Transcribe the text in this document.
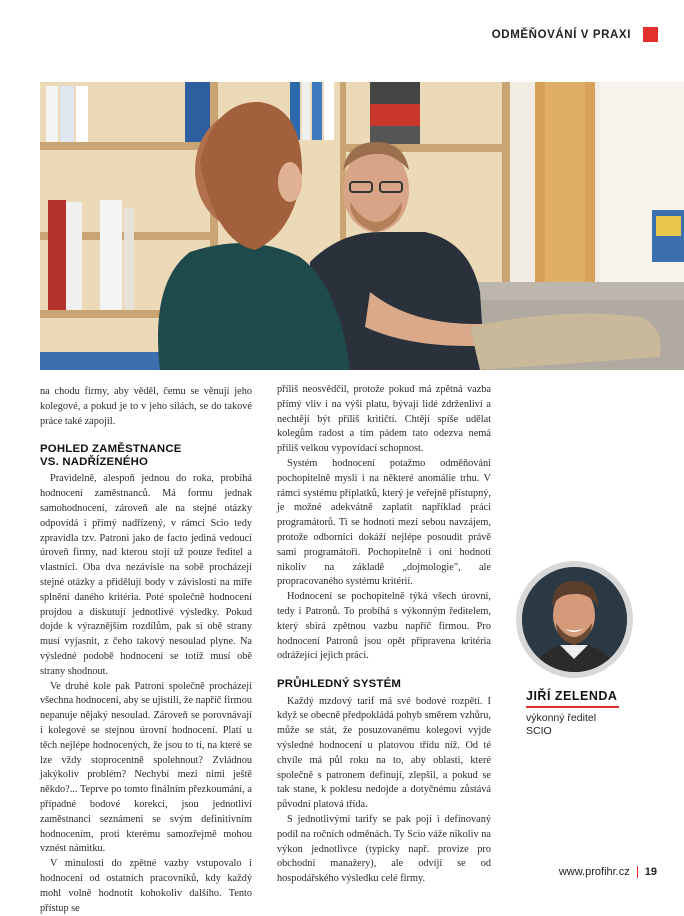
ODMĚŇOVÁNÍ V PRAXI

na chodu firmy, aby věděl, čemu se věnují jeho kolegové, a pokud je to v jeho silách, se do takové práce také zapojil.

POHLED ZAMĚSTNANCE
VS. NADŘÍZENÉHO

Pravidelně, alespoň jednou do roka, probíhá hodnocení zaměstnanců. Má formu jednak samohodnocení, zároveň ale na stejné otázky odpovídá i přímý nadřízený, v rámci Scio tedy zpravidla tzv. Patroni jako de facto jediná vedoucí úroveň firmy, nad kterou stojí už pouze ředitel a vlastníci. Oba dva nezávisle na sobě procházejí stejné otázky a přidělují body v závislosti na míře splnění daného kritéria. Poté společně hodnocení projdou a diskutují jednotlivé výsledky. Pokud dojde k výraznějším rozdílům, pak si obě strany musí vyjasnit, z čeho takový nesoulad plyne. Na výsledné podobě hodnocení se totiž musí obě strany shodnout.

Ve druhé kole pak Patroni společně procházejí všechna hodnocení, aby se ujistili, že napříč firmou nepanuje nějaký nesoulad. Zároveň se porovnávají i kolegové se stejnou úrovní hodnocení. Platí u těch nejlépe hodnocených, že jsou to ti, na které se lze vždy stoprocentně spolehnout? Zvládnou jakýkoliv problém? Nechybí mezi nimi ještě někdo?... Teprve po tomto finálním přezkoumání, a případné bodové korekci, jsou jednotliví zaměstnanci seznámeni se svým definitivním hodnocením, proti kterému samozřejmě mohou vznést námitku.

V minulosti do zpětné vazby vstupovalo i hodnocení od ostatních pracovníků, kdy každý mohl volně hodnotit kohokoliv dalšího. Tento přístup se

příliš neosvědčil, protože pokud má zpětná vazba přímý vliv i na výši platu, bývají lidé zdrženliví a nechtějí být příliš kritičtí. Chtějí spíše udělat kolegům radost a tím pádem tato odezva nemá příliš velkou vypovídací schopnost.

Systém hodnocení potažmo odměňování pochopitelně myslí i na některé anomálie trhu. V rámci systému příplatků, který je veřejně přístupný, je možné adekvátně zaplatit například práci programátorů. Ti se hodnotí mezi sebou navzájem, protože odborníci dokáží nejlépe posoudit právě sami programátoři. Pochopitelně i oni hodnotí nikoliv na základě „dojmologie", ale propracovaného systému kritérií.

Hodnocení se pochopitelně týká všech úrovní, tedy i Patronů. To probíhá s výkonným ředitelem, který sbírá zpětnou vazbu napříč firmou. Pro hodnocení Patronů jsou opět připravena kritéria odrážející jejich práci.

PRŮHLEDNÝ SYSTÉM

Každý mzdový tarif má své bodové rozpětí. I když se obecně předpokládá pohyb směrem vzhůru, může se stát, že posuzovanému kolegovi vyjde výsledné hodnocení u platovou třídu níž. Od té chvíle má půl roku na to, aby oblasti, které společně s patronem definují, zlepšil, a pokud se tak stane, k poklesu nedojde a dotyčnému zůstává původní platová třída.

S jednotlivými tarify se pak pojí i definovaný podíl na ročních odměnách. Ty Scio váže nikoliv na výkon jednotlivce (typicky např. provize pro obchodní manažery), ale odvíjí se od hospodářského výsledku celé firmy.

JIŘÍ ZELENDA
výkonný ředitel
SCIO
www.profihr.cz 19
